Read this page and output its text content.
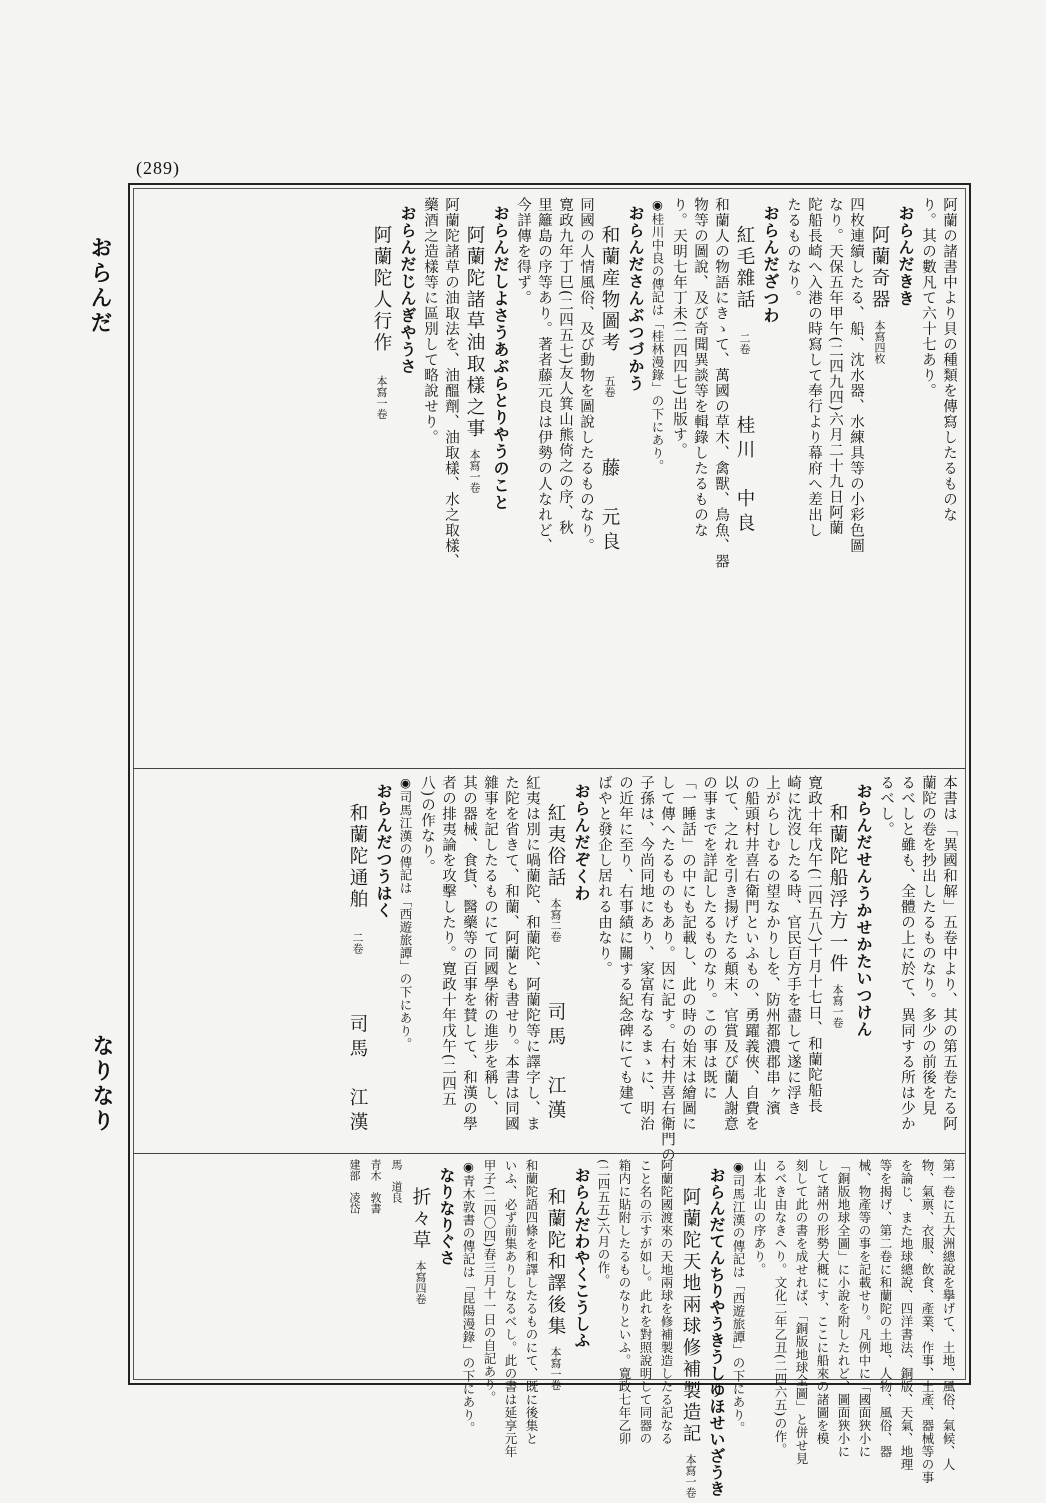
(289)
おらんだ
なりなり

阿蘭の諸書中より貝の種類を傳寫したるものな

り。其の數凡て六十七あり。

おらんだきき

阿蘭奇器 本寫四枚

四枚連續したる、船、沈水器、水練具等の小彩色圖

なり。天保五年甲午(二四九四)六月二十九日阿蘭

陀船長崎へ入港の時寫して奉行より幕府へ差出し

たるものなり。

おらんだざつわ

紅毛雜話　二卷桂川　中良

和蘭人の物語にきゝて、萬國の草木、禽獸、鳥魚、器

物等の圖說、及び奇聞異談等を輯錄したるものな

り。天明七年丁未(二四四七)出版す。

◉桂川中良の傳記は「桂林漫錄」の下にあり。

おらんださんぶつづかう

和蘭産物圖考　五卷藤　元良

同國の人情風俗、及び動物を圖說したるものなり。

寛政九年丁巳(二四五七)友人箕山熊倚之の序、秋

里籬島の序等あり。著者藤元良は伊勢の人なれど、

今詳傳を得ず。

おらんだしよさうあぶらとりやうのこと

阿蘭陀諸草油取樣之事 本寫一卷

阿蘭陀諸草の油取法を、油醞劑、油取樣、水之取樣、

藥酒之造樣等に區別して略說せり。

おらんだじんぎやうさ

阿蘭陀人行作　本寫一卷

本書は「異國和解」五卷中より、其の第五卷たる阿

蘭陀の卷を抄出したるものなり。多少の前後を見

るべしと雖も、全體の上に於て、異同する所は少か

るべし。

おらんだせんうかせかたいつけん

和蘭陀船浮方一件 本寫一卷

寛政十年戊午(二四五八)十月十七日、和蘭陀船長

崎に沈沒したる時、官民百方手を盡して遂に浮き

上がらしむるの望なかりしを、防州都濃郡串ヶ濱

の船頭村井喜右衛門といふもの、勇躍義俠、自費を

以て、之れを引き揚げたる顛末、官賞及び蘭人謝意

の事までを詳記したるものなり。この事は既に

「一睡話」の中にも記載し、此の時の始末は繪圖に

して傳へたるものもあり。因に記す。右村井喜右衛門の

子孫は、今尚同地にあり、家富有なるまゝに、明治

の近年に至り、右事績に關する紀念碑にても建て

ばやと發企し居れる由なり。

おらんだぞくわ

紅夷俗話 本寫二卷司馬　江漢

紅夷は別に喎蘭陀、和蘭陀、阿蘭陀等に譯字し、ま

た陀を省きて、和蘭、阿蘭とも書せり。本書は同國

雜事を記したるものにて同國學術の進步を稱し、

其の器械、食貨、醫藥等の百事を賛して、和漢の學

者の排夷論を攻擊したり。寛政十年戊午(二四五

八)の作なり。

◉司馬江漢の傳記は「西遊旅譚」の下にあり。

おらんだつうはく

和蘭陀通舶　二卷司馬　江漢

第一卷に五大洲總說を擧げて、土地、風俗、氣候、人

物、氣禀、衣服、飲食、產業、作事、土產、器械等の事

を論じ、また地球總說、四洋書法、銅版、天氣、地理

等を揭げ、第二卷に和蘭陀の土地、人物、風俗、器

械、物產等の事を記載せり。凡例中に「國面狹小に

「銅版地球全圖」に小說を附したれど、圖面狹小に

して諸州の形勢大概にす、ここに船來の諸圖を模

刻して此の書を成せれば、「銅版地球全圖」と併せ見

るべき由なきへり。文化二年乙丑(二四六五)の作。

山本北山の序あり。

◉司馬江漢の傳記は「西遊旅譚」の下にあり。

おらんだてんちりやうきうしゆほせいざうき

阿蘭陀天地兩球修補製造記 本寫一卷

阿蘭陀國渡來の天地兩球を修補製造したる記なる

こと名の示すが如し。此れを對照說明して同器の

箱内に貼附したるものなりといふ。寛政七年乙卯

(二四五五)六月の作。

おらんだわやくこうしふ

和蘭陀和譯後集 本寫一卷

和蘭陀語四條を和譯したるものにて、既に後集と

いふ、必ず前集ありしなるべし。此の書は延享元年

甲子(二四〇四)春三月十一日の自記あり。

◉青木敦書の傳記は「昆陽漫錄」の下にあり。

なりなりぐさ

折々草 本寫四卷

馬　道良

青木　敦書

建部　凌岱
